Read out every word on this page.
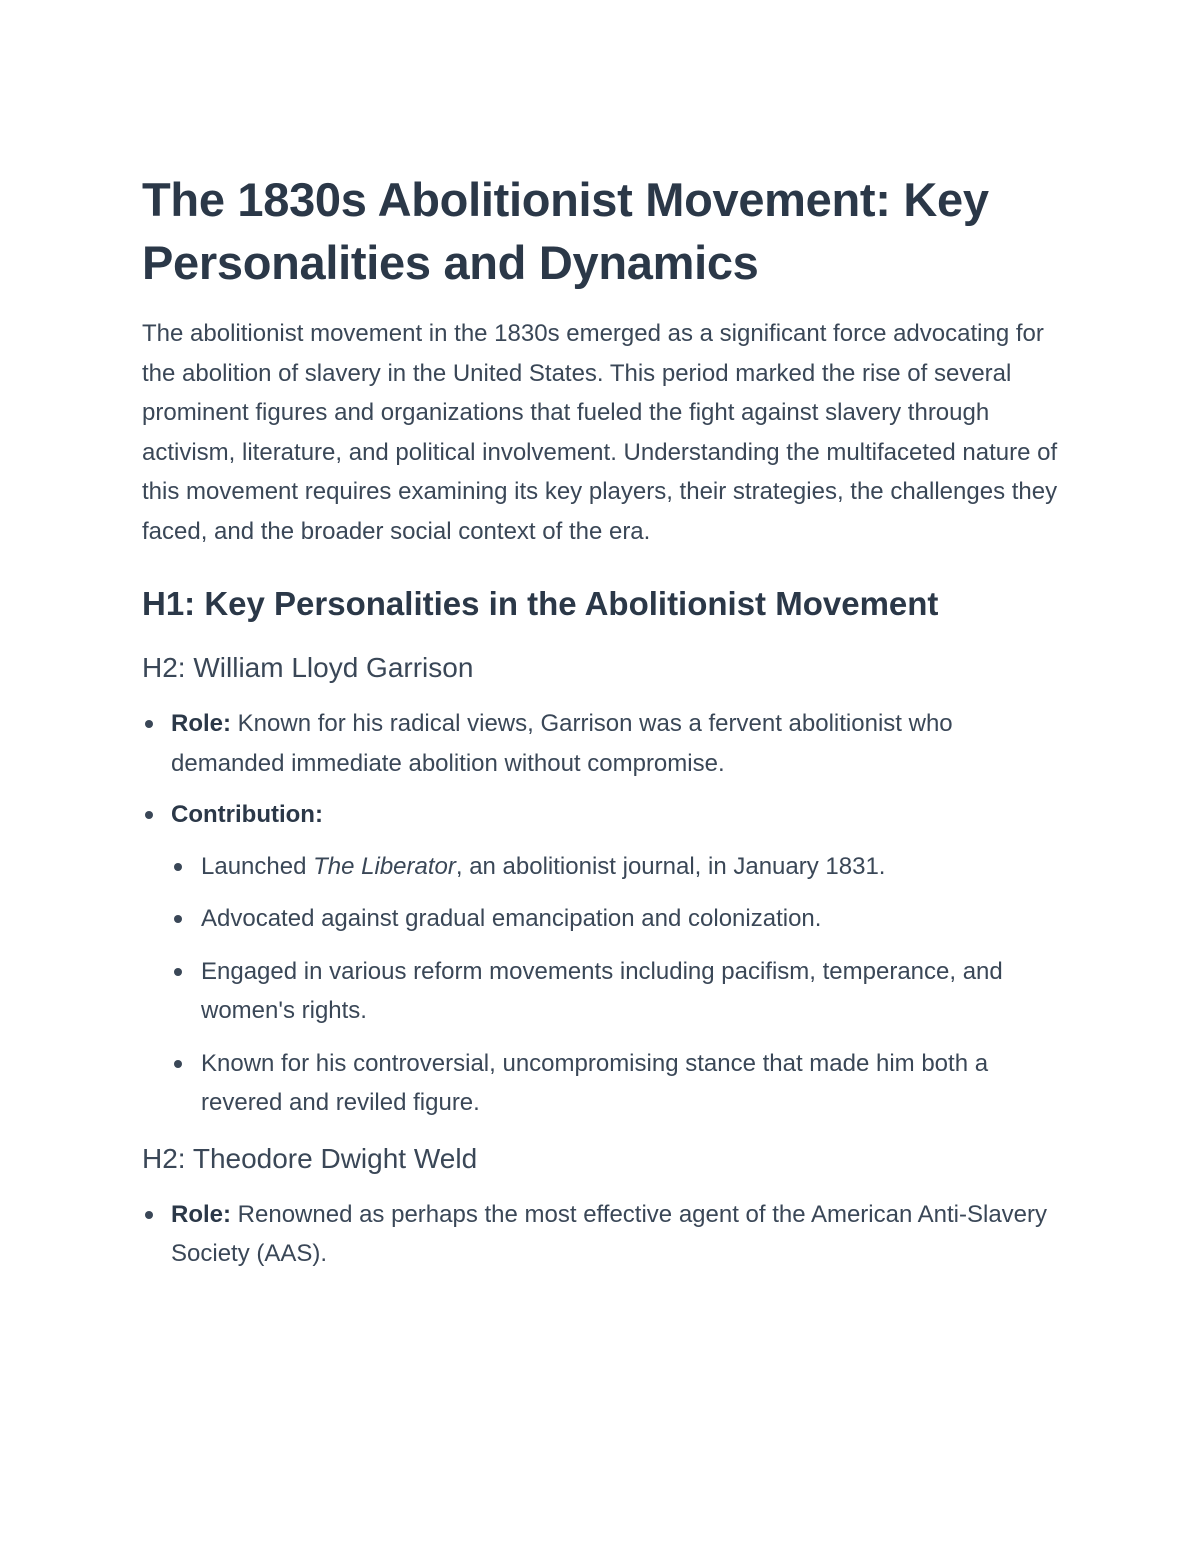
The 1830s Abolitionist Movement: Key Personalities and Dynamics

The abolitionist movement in the 1830s emerged as a significant force advocating for the abolition of slavery in the United States. This period marked the rise of several prominent figures and organizations that fueled the fight against slavery through activism, literature, and political involvement. Understanding the multifaceted nature of this movement requires examining its key players, their strategies, the challenges they faced, and the broader social context of the era.

H1: Key Personalities in the Abolitionist Movement
H2: William Lloyd Garrison
Role: Known for his radical views, Garrison was a fervent abolitionist who demanded immediate abolition without compromise.
Contribution:
Launched The Liberator, an abolitionist journal, in January 1831.
Advocated against gradual emancipation and colonization.
Engaged in various reform movements including pacifism, temperance, and women's rights.
Known for his controversial, uncompromising stance that made him both a revered and reviled figure.
H2: Theodore Dwight Weld
Role: Renowned as perhaps the most effective agent of the American Anti-Slavery Society (AAS).
